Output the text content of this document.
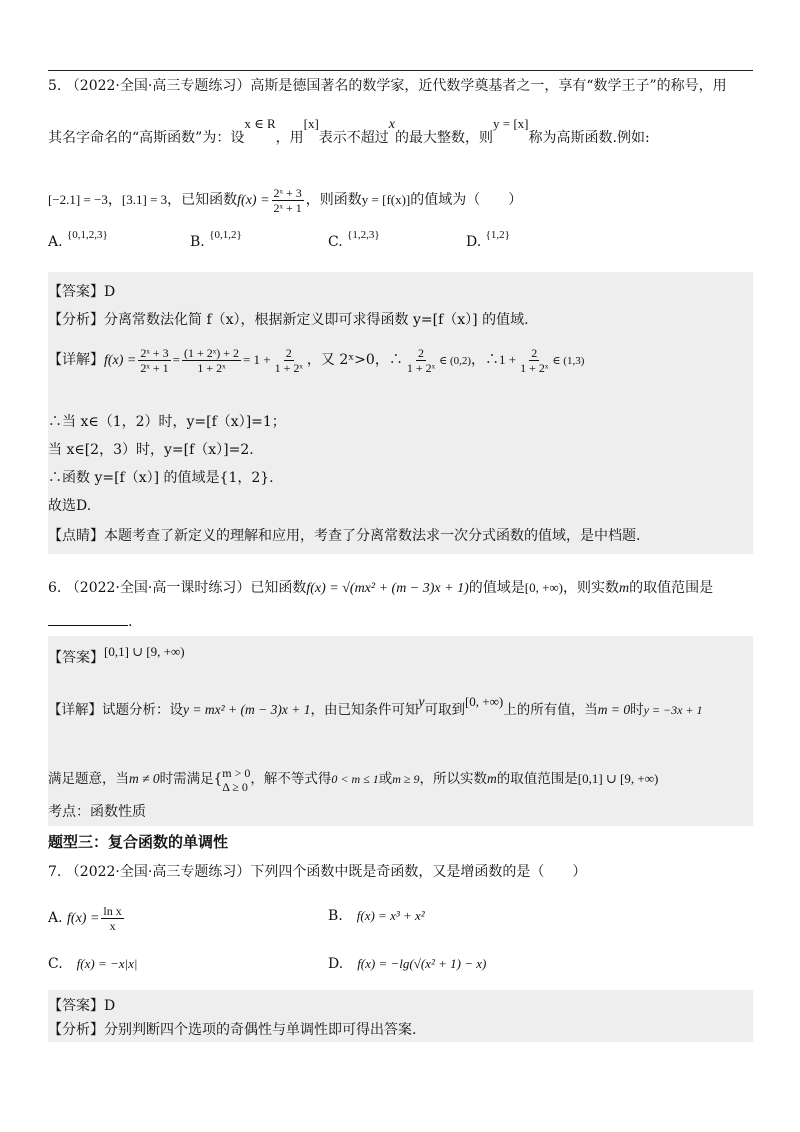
5. （2022·全国·高三专题练习）高斯是德国著名的数学家，近代数学奠基者之一，享有“数学王子”的称号，用
其名字命名的“高斯函数”为：设x ∈ R，用[x]表示不超过x的最大整数，则y = [x]称为高斯函数.例如:
[−2.1] = −3，[3.1] = 3，已知函数$f(x) = \frac{\text{2ˣ + 3}}{\text{2ˣ + 1}}$ ，则函数y = [f(x)]的值域为（　　）
A. $^{\{0,1,2,3\}}$	B. $^{\{0,1,2\}}$	C. $^{\{1,2,3\}}$	D. $^{\{1,2\}}$
【答案】D
【分析】分离常数法化简 f（x），根据新定义即可求得函数 y=[f（x）] 的值域.
【详解】$f(x) = \frac{\text{2ˣ + 3}}{\text{2ˣ + 1}} = \frac{\text{(1 + 2ˣ) + 2}}{\text{1 + 2ˣ}} = 1 + \frac{2}{\text{1 + 2ˣ}}$ ，又 2ˣ>0，∴ $\frac{2}{\text{1 + 2ˣ}}$ ∈ (0,2)，∴1 + $\frac{2}{\text{1 + 2ˣ}}$ ∈ (1,3)
∴当 x∈（1，2）时，y=[f（x）]=1；
当 x∈[2，3）时，y=[f（x）]=2.
∴函数 y=[f（x）] 的值域是{1，2}.
故选D.
【点睛】本题考查了新定义的理解和应用，考查了分离常数法求一次分式函数的值域，是中档题.
6. （2022·全国·高一课时练习）已知函数f(x) = √(mx² + (m − 3)x + 1)的值域是[0, +∞)，则实数m的取值范围是
.
【答案】[0,1] ∪ [9, +∞)
【详解】试题分析：设y = mx² + (m − 3)x + 1，由已知条件可知y可取到[0, +∞)上的所有值，当m = 0时y = −3x + 1
满足题意，当m ≠ 0时需满足{ m > 0
Δ ≥ 0 ，解不等式得0 < m ≤ 1或m ≥ 9，所以实数m的取值范围是[0,1] ∪ [9, +∞)
考点：函数性质
题型三：复合函数的单调性
7. （2022·全国·高三专题练习）下列四个函数中既是奇函数，又是增函数的是（　　）
A. $f(x) = \frac{\text{ln x}}{x}$	B.　 f(x) = x³ + x²
C.　 f(x) = −x|x|	D.　 f(x) = −lg(√(x² + 1) − x)
【答案】D
【分析】分别判断四个选项的奇偶性与单调性即可得出答案.
